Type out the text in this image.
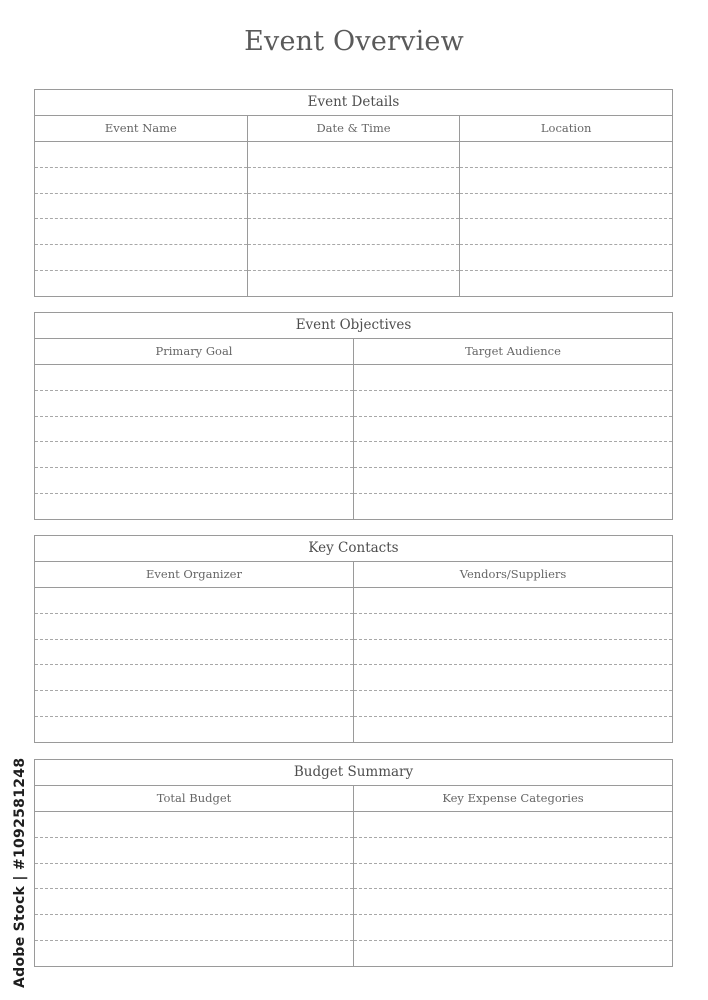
Event Overview
Event Details
Event Name	Date & Time	Location
Event Objectives
Primary Goal	Target Audience
Key Contacts
Event Organizer	Vendors/Suppliers
Budget Summary
Total Budget	Key Expense Categories
Adobe Stock | #1092581248
